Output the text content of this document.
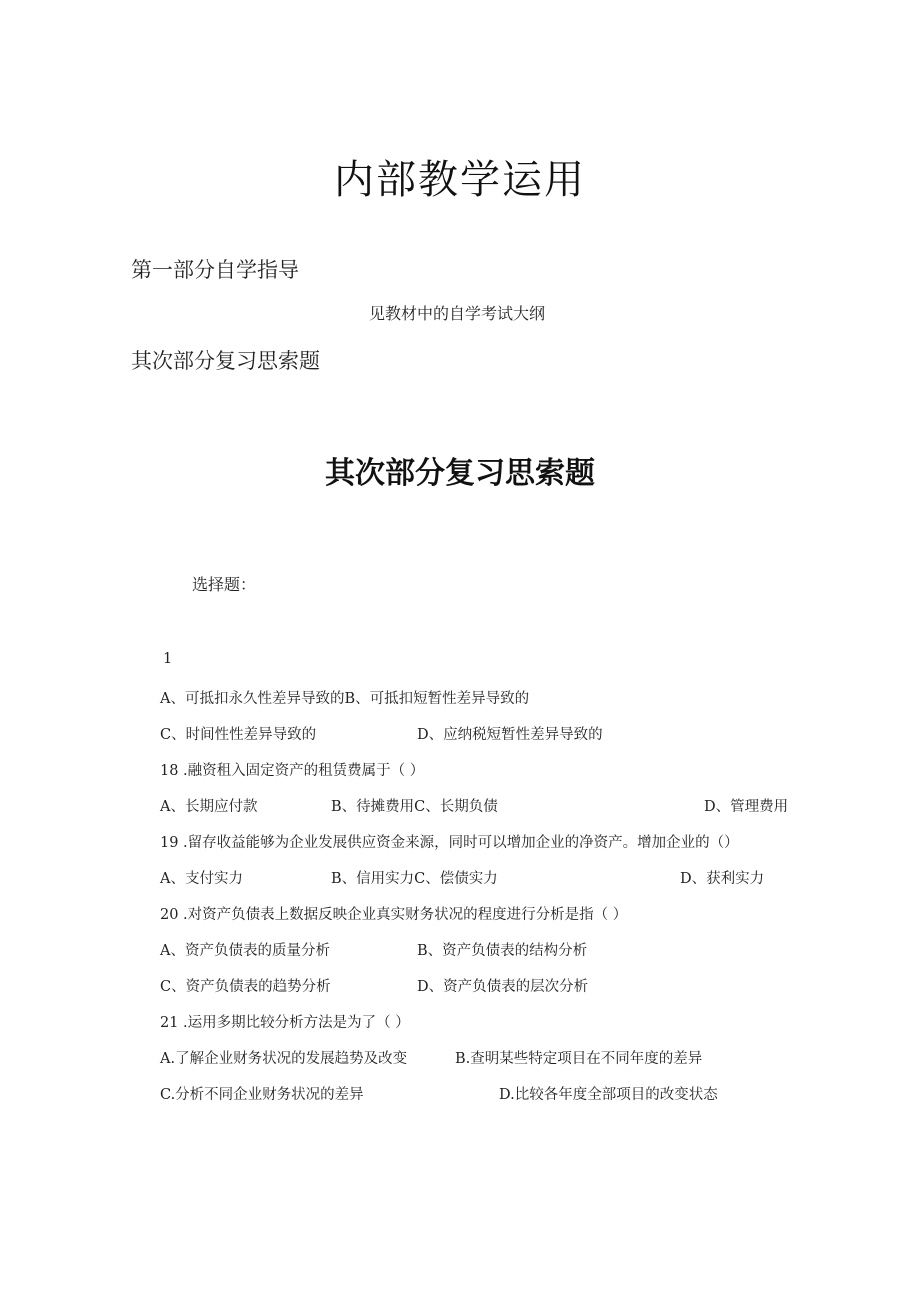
内部教学运用
第一部分自学指导
见教材中的自学考试大纲
其次部分复习思索题
其次部分复习思索题
选择题：
1
A、可抵扣永久性差异导致的B、可抵扣短暂性差异导致的
C、时间性性差异导致的	D、应纳税短暂性差异导致的
18 .融资租入固定资产的租赁费属于（ ）
A、长期应付款	B、待摊费用C、长期负债	D、管理费用
19 .留存收益能够为企业发展供应资金来源，同时可以增加企业的净资产。增加企业的（）
A、支付实力	B、信用实力C、偿债实力	D、获利实力
20 .对资产负债表上数据反映企业真实财务状况的程度进行分析是指（ ）
A、资产负债表的质量分析	B、资产负债表的结构分析
C、资产负债表的趋势分析	D、资产负债表的层次分析
21 .运用多期比较分析方法是为了（ ）
A.了解企业财务状况的发展趋势及改变	B.查明某些特定项目在不同年度的差异
C.分析不同企业财务状况的差异	D.比较各年度全部项目的改变状态
